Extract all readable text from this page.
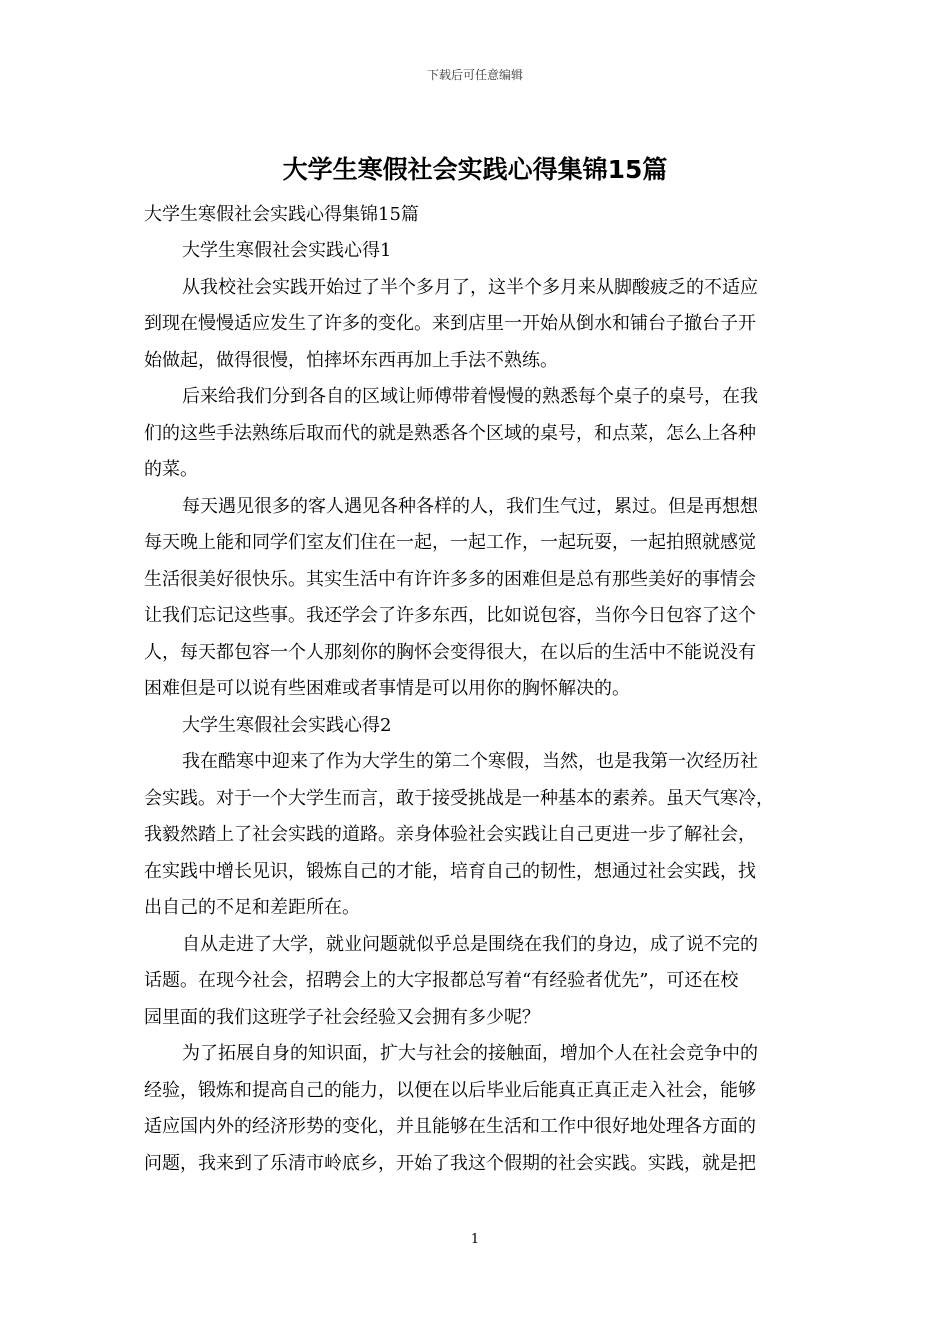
下载后可任意编辑
大学生寒假社会实践心得集锦15篇
大学生寒假社会实践心得集锦15篇
大学生寒假社会实践心得1
从我校社会实践开始过了半个多月了，这半个多月来从脚酸疲乏的不适应
到现在慢慢适应发生了许多的变化。来到店里一开始从倒水和铺台子撤台子开
始做起，做得很慢，怕摔坏东西再加上手法不熟练。
后来给我们分到各自的区域让师傅带着慢慢的熟悉每个桌子的桌号，在我
们的这些手法熟练后取而代的就是熟悉各个区域的桌号，和点菜，怎么上各种
的菜。
每天遇见很多的客人遇见各种各样的人，我们生气过，累过。但是再想想
每天晚上能和同学们室友们住在一起，一起工作，一起玩耍，一起拍照就感觉
生活很美好很快乐。其实生活中有许许多多的困难但是总有那些美好的事情会
让我们忘记这些事。我还学会了许多东西，比如说包容，当你今日包容了这个
人，每天都包容一个人那刻你的胸怀会变得很大，在以后的生活中不能说没有
困难但是可以说有些困难或者事情是可以用你的胸怀解决的。
大学生寒假社会实践心得2
我在酷寒中迎来了作为大学生的第二个寒假，当然，也是我第一次经历社
会实践。对于一个大学生而言，敢于接受挑战是一种基本的素养。虽天气寒冷，
我毅然踏上了社会实践的道路。亲身体验社会实践让自己更进一步了解社会，
在实践中增长见识，锻炼自己的才能，培育自己的韧性，想通过社会实践，找
出自己的不足和差距所在。
自从走进了大学，就业问题就似乎总是围绕在我们的身边，成了说不完的
话题。在现今社会，招聘会上的大字报都总写着“有经验者优先”，可还在校
园里面的我们这班学子社会经验又会拥有多少呢？
为了拓展自身的知识面，扩大与社会的接触面，增加个人在社会竞争中的
经验，锻炼和提高自己的能力，以便在以后毕业后能真正真正走入社会，能够
适应国内外的经济形势的变化，并且能够在生活和工作中很好地处理各方面的
问题，我来到了乐清市岭底乡，开始了我这个假期的社会实践。实践，就是把
1
